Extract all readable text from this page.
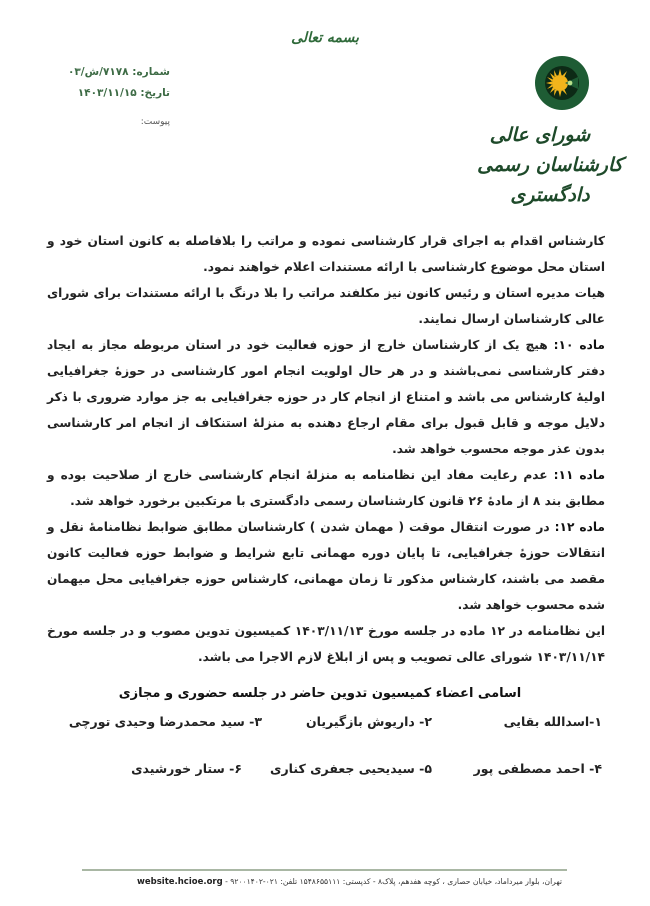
بسمه تعالی
شماره: ۷۱۷۸/ش/۰۳
تاریخ: ۱۴۰۳/۱۱/۱۵
پیوست:
شورای عالی
کارشناسان رسمی دادگستری

کارشناس اقدام به اجرای قرار کارشناسی نموده و مراتب را بلافاصله به کانون استان خود و استان محل موضوع کارشناسی با ارائه مستندات اعلام خواهند نمود.

هیات مدیره استان و رئیس کانون نیز مکلفند مراتب را بلا درنگ با ارائه مستندات برای شورای عالی کارشناسان ارسال نمایند.

ماده ۱۰: هیچ یک از کارشناسان خارج از حوزه فعالیت خود در استان مربوطه مجاز به ایجاد دفتر کارشناسی نمی‌باشند و در هر حال اولویت انجام امور کارشناسی در حوزهٔ جغرافیایی اولیهٔ کارشناس می باشد و امتناع از انجام کار در حوزه جغرافیایی به جز موارد ضروری با ذکر دلایل موجه و قابل قبول برای مقام ارجاع دهنده به منزلهٔ استنکاف از انجام امر کارشناسی بدون عذر موجه محسوب خواهد شد.

ماده ۱۱: عدم رعایت مفاد این نظامنامه به منزلهٔ انجام کارشناسی خارج از صلاحیت بوده و مطابق بند ۸ از مادهٔ ۲۶ قانون کارشناسان رسمی دادگستری با مرتکبین برخورد خواهد شد.

ماده ۱۲: در صورت انتقال موقت ( مهمان شدن ) کارشناسان مطابق ضوابط نظامنامهٔ نقل و انتقالات حوزهٔ جغرافیایی، تا پایان دوره مهمانی تابع شرایط و ضوابط حوزه فعالیت کانون مقصد می باشند، کارشناس مذکور تا زمان مهمانی، کارشناس حوزه جغرافیایی محل میهمان شده محسوب خواهد شد.

این نظامنامه در ۱۲ ماده در جلسه مورخ ۱۴۰۳/۱۱/۱۳ کمیسیون تدوین مصوب و در جلسه مورخ ۱۴۰۳/۱۱/۱۴ شورای عالی تصویب و پس از ابلاغ لازم الاجرا می باشد.

اسامی اعضاء کمیسیون تدوین حاضر در جلسه حضوری و مجازی
۱-اسدالله بقایی
۲- داریوش بازگیریان
۳- سید محمدرضا وحیدی تورچی
۴- احمد مصطفی پور
۵- سیدیحیی جعفری کناری
۶- ستار خورشیدی
تهران، بلوار میرداماد، خیابان حصاری ، کوچه هفدهم، پلاک۸ - کدپستی: ۱۵۴۸۶۵۵۱۱۱ تلفن: ۰۲۱-۹۲۰۰۱۴۰۲ - website.hcioe.org
